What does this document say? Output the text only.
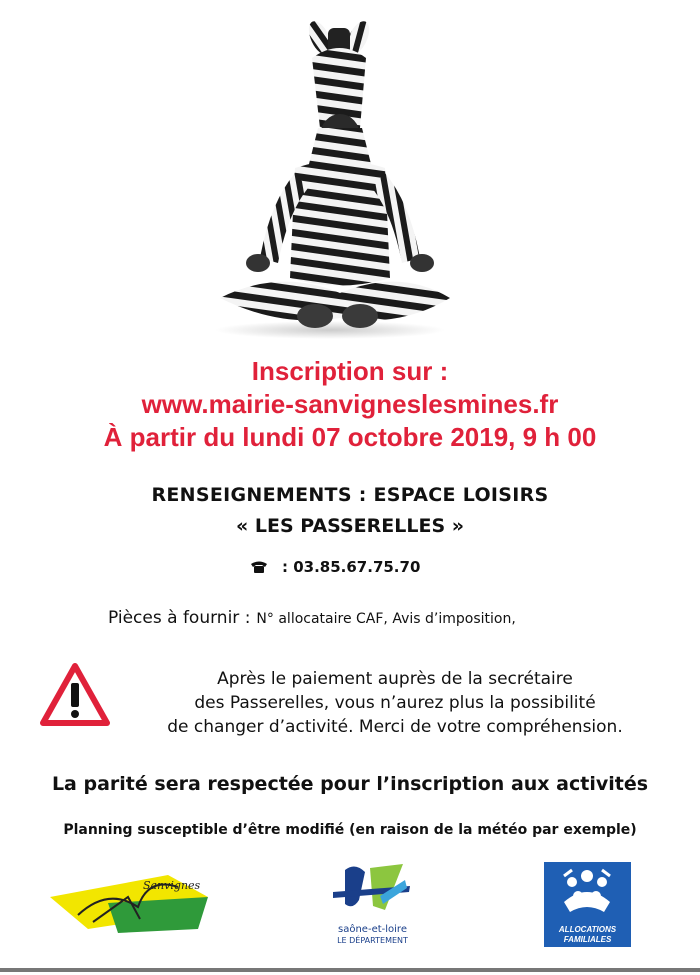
Inscription sur :
www.mairie-sanvigneslesmines.fr
À partir du lundi 07 octobre 2019, 9 h 00
RENSEIGNEMENTS : ESPACE LOISIRS
« LES PASSERELLES »
: 03.85.67.75.70
Pièces à fournir : N° allocataire CAF, Avis d’imposition,
Après le paiement auprès de la secrétaire
des Passerelles, vous n’aurez plus la possibilité
de changer d’activité. Merci de votre compréhension.
La parité sera respectée pour l’inscription aux activités
Planning susceptible d’être modifié (en raison de la météo par exemple)
Sanvignes
saône-et-loire
LE DÉPARTEMENT
ALLOCATIONS
FAMILIALES
